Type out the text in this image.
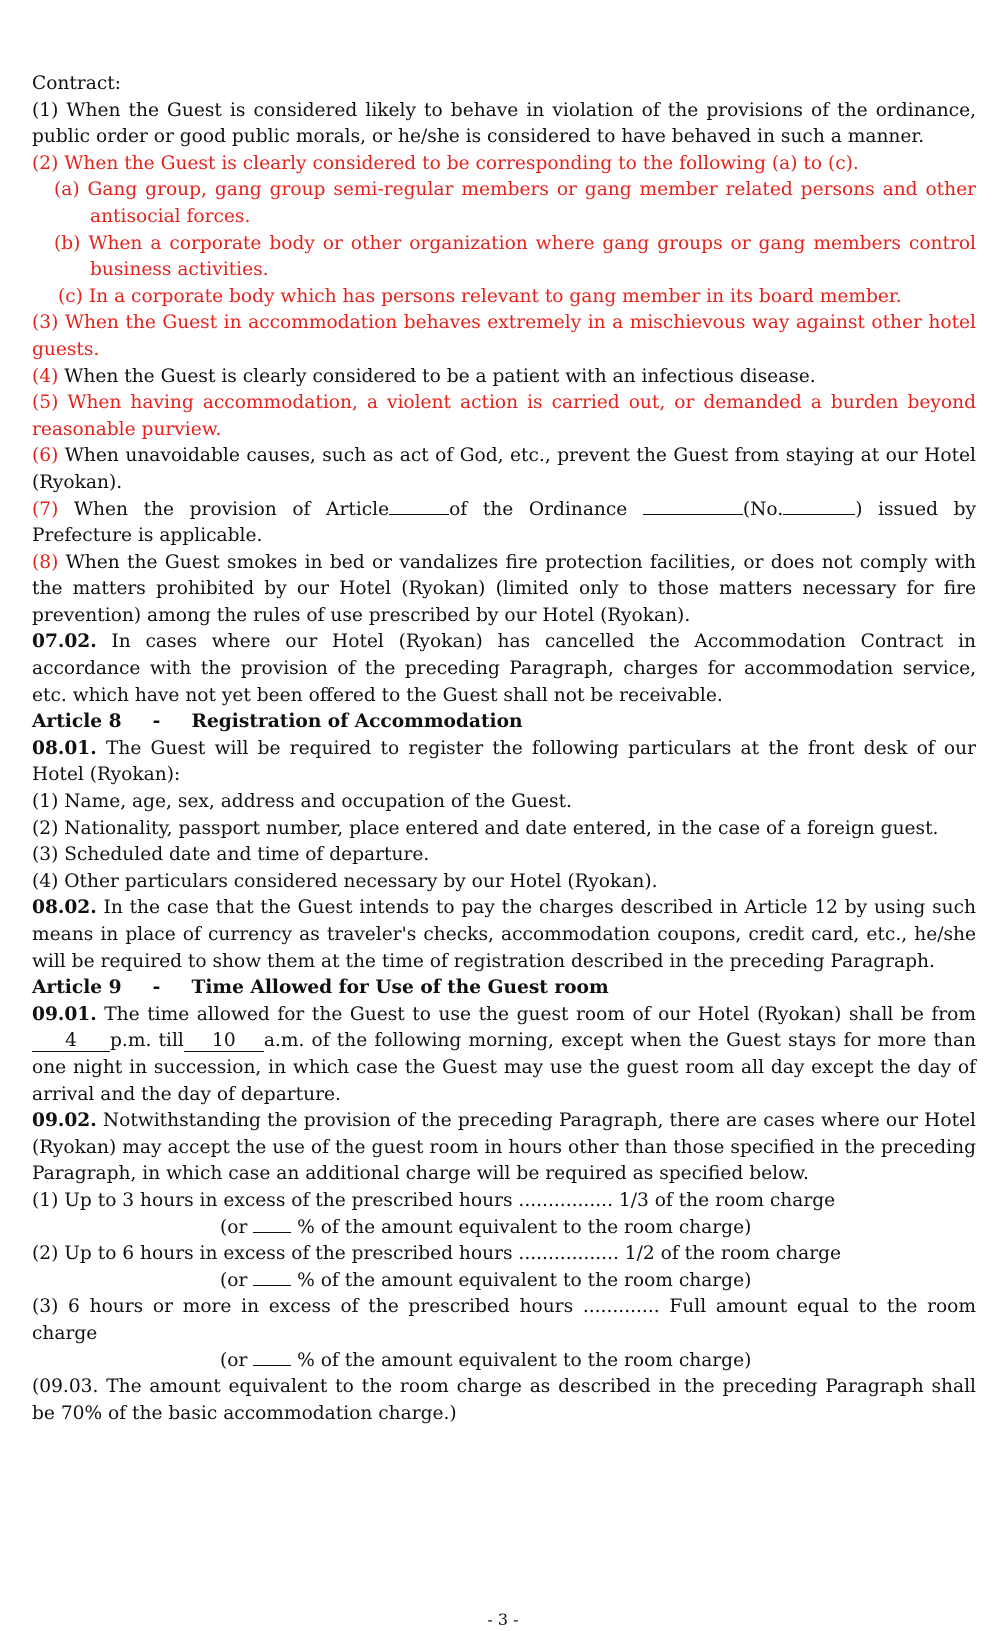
Contract:

(1) When the Guest is considered likely to behave in violation of the provisions of the ordinance, public order or good public morals, or he/she is considered to have behaved in such a manner.

(2) When the Guest is clearly considered to be corresponding to the following (a) to (c).

(a) Gang group, gang group semi-regular members or gang member related persons and other antisocial forces.

(b) When a corporate body or other organization where gang groups or gang members control business activities.

(c) In a corporate body which has persons relevant to gang member in its board member.

(3) When the Guest in accommodation behaves extremely in a mischievous way against other hotel guests.

(4) When the Guest is clearly considered to be a patient with an infectious disease.

(5) When having accommodation, a violent action is carried out, or demanded a burden beyond reasonable purview.

(6) When unavoidable causes, such as act of God, etc., prevent the Guest from staying at our Hotel (Ryokan).

(7) When the provision of Article	of the Ordinance	(No.	) issued by Prefecture is applicable.

(8) When the Guest smokes in bed or vandalizes fire protection facilities, or does not comply with the matters prohibited by our Hotel (Ryokan) (limited only to those matters necessary for fire prevention) among the rules of use prescribed by our Hotel (Ryokan).

07.02. In cases where our Hotel (Ryokan) has cancelled the Accommodation Contract in accordance with the provision of the preceding Paragraph, charges for accommodation service, etc. which have not yet been offered to the Guest shall not be receivable.

Article 8 - Registration of Accommodation

08.01. The Guest will be required to register the following particulars at the front desk of our Hotel (Ryokan):

(1) Name, age, sex, address and occupation of the Guest.

(2) Nationality, passport number, place entered and date entered, in the case of a foreign guest.

(3) Scheduled date and time of departure.

(4) Other particulars considered necessary by our Hotel (Ryokan).

08.02. In the case that the Guest intends to pay the charges described in Article 12 by using such means in place of currency as traveler's checks, accommodation coupons, credit card, etc., he/she will be required to show them at the time of registration described in the preceding Paragraph.

Article 9 - Time Allowed for Use of the Guest room

09.01. The time allowed for the Guest to use the guest room of our Hotel (Ryokan) shall be from4 p.m. till 10 a.m. of the following morning, except when the Guest stays for more than one night in succession, in which case the Guest may use the guest room all day except the day of arrival and the day of departure.

09.02. Notwithstanding the provision of the preceding Paragraph, there are cases where our Hotel (Ryokan) may accept the use of the guest room in hours other than those specified in the preceding Paragraph, in which case an additional charge will be required as specified below.

(1) Up to 3 hours in excess of the prescribed hours ................ 1/3 of the room charge

(or  % of the amount equivalent to the room charge)

(2) Up to 6 hours in excess of the prescribed hours ................. 1/2 of the room charge

(or  % of the amount equivalent to the room charge)

(3) 6 hours or more in excess of the prescribed hours ............. Full amount equal to the room charge

(or  % of the amount equivalent to the room charge)

(09.03. The amount equivalent to the room charge as described in the preceding Paragraph shall be 70% of the basic accommodation charge.)

- 3 -
